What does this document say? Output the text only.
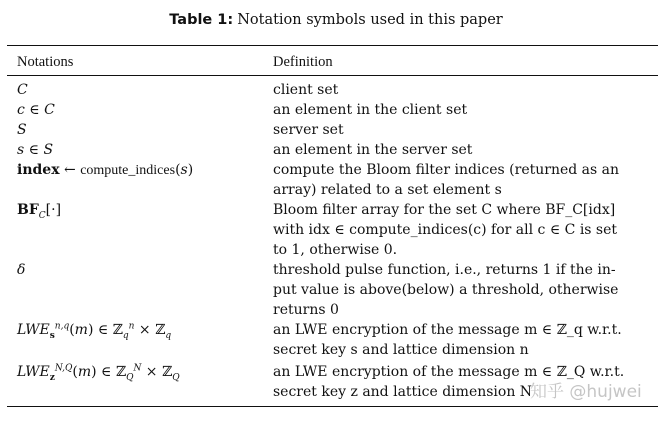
Table 1: Notation symbols used in this paper
Notations	Definition
C	client set
c ∈ C	an element in the client set
S	server set
s ∈ S	an element in the server set
index ← compute_indices(s)	compute the Bloom filter indices (returned as an
array) related to a set element s
$BF_C[\cdot]$	Bloom filter array for the set C where BF_C[idx]
with idx ∈ compute_indices(c) for all c ∈ C is set
to 1, otherwise 0.
δ	threshold pulse function, i.e., returns 1 if the in-
put value is above(below) a threshold, otherwise
returns 0
$LWE_s^{n,q}(m)$ ∈ ℤ$_q^n$ × ℤ$_q$	an LWE encryption of the message m ∈ ℤ_q w.r.t.
secret key s and lattice dimension n
$LWE_z^{N,Q}(m)$ ∈ ℤ$_Q^N$ × ℤ$_Q$	an LWE encryption of the message m ∈ ℤ_Q w.r.t.
secret key z and lattice dimension N
知乎 @hujwei
